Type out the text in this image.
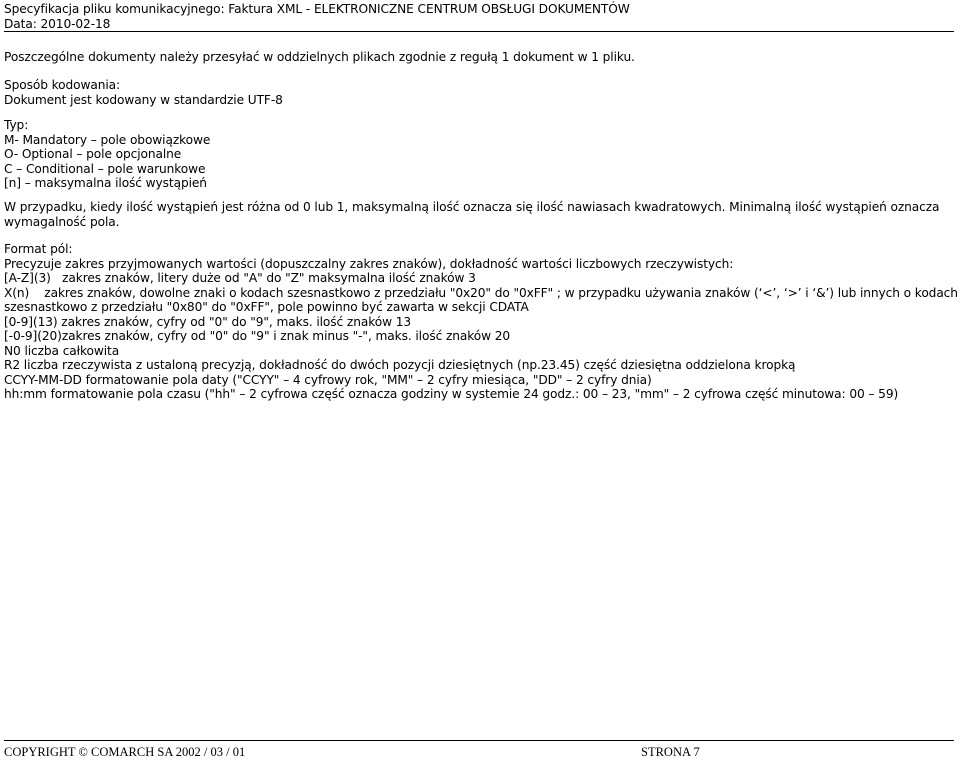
Specyfikacja pliku komunikacyjnego: Faktura XML - ELEKTRONICZNE CENTRUM OBSŁUGI DOKUMENTÓW
Data: 2010-02-18
Poszczególne dokumenty należy przesyłać w oddzielnych plikach zgodnie z regułą 1 dokument w 1 pliku.
Sposób kodowania:
Dokument jest kodowany w standardzie UTF-8
Typ:
M- Mandatory – pole obowiązkowe
O- Optional – pole opcjonalne
C – Conditional – pole warunkowe
[n] – maksymalna ilość wystąpień
W przypadku, kiedy ilość wystąpień jest różna od 0 lub 1, maksymalną ilość oznacza się ilość nawiasach kwadratowych. Minimalną ilość wystąpień oznacza wymagalność pola.
Format pól:
Precyzuje zakres przyjmowanych wartości (dopuszczalny zakres znaków), dokładność wartości liczbowych rzeczywistych:
[A-Z](3)   zakres znaków, litery duże od "A" do "Z" maksymalna ilość znaków 3
X(n)    zakres znaków, dowolne znaki o kodach szesnastkowo z przedziału "0x20" do "0xFF" ; w przypadku używania znaków (‘<’, ‘>’ i ‘&’) lub innych o kodach
szesnastkowo z przedziału "0x80" do "0xFF", pole powinno być zawarta w sekcji CDATA
[0-9](13) zakres znaków, cyfry od "0" do "9", maks. ilość znaków 13
[-0-9](20)zakres znaków, cyfry od "0" do "9" i znak minus "-", maks. ilość znaków 20
N0 liczba całkowita
R2 liczba rzeczywista z ustaloną precyzją, dokładność do dwóch pozycji dziesiętnych (np.23.45) część dziesiętna oddzielona kropką
CCYY-MM-DD formatowanie pola daty ("CCYY" – 4 cyfrowy rok, "MM" – 2 cyfry miesiąca, "DD" – 2 cyfry dnia)
hh:mm formatowanie pola czasu ("hh" – 2 cyfrowa część oznacza godziny w systemie 24 godz.: 00 – 23, "mm" – 2 cyfrowa część minutowa: 00 – 59)
COPYRIGHT © COMARCH SA 2002 / 03 / 01	STRONA 7
